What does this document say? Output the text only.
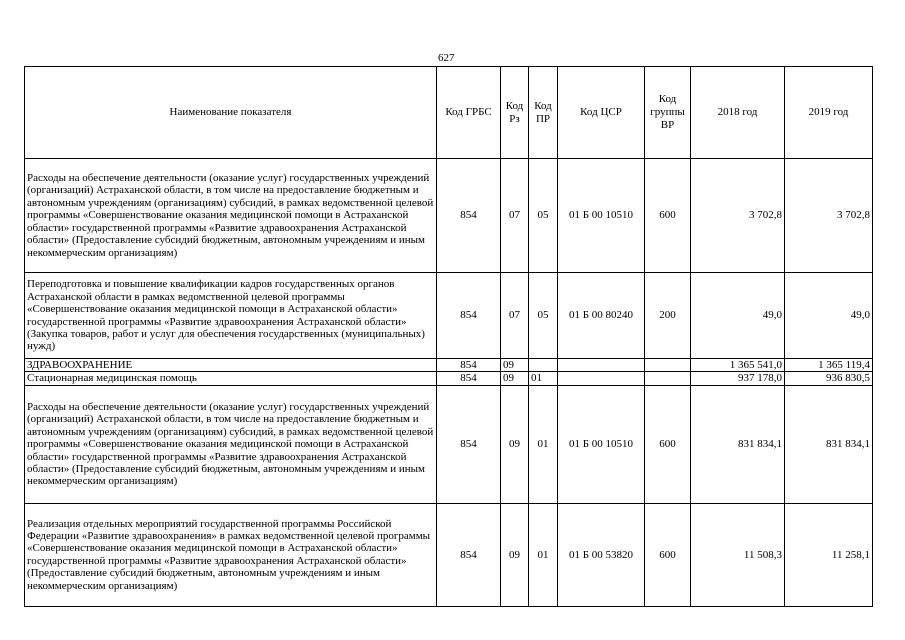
627
Наименование показателя	Код ГРБС	Код Рз	Код ПР	Код ЦСР	Код группы ВР	2018 год	2019 год
Расходы на обеспечение деятельности (оказание услуг) государственных учреждений (организаций) Астраханской области, в том числе на предоставление бюджетным и автономным учреждениям (организациям) субсидий, в рамках ведомственной целевой программы «Совершенствование оказания медицинской помощи в Астраханской области» государственной программы «Развитие здравоохранения Астраханской области» (Предоставление субсидий бюджетным, автономным учреждениям и иным некоммерческим организациям)	854	07	05	01 Б 00 10510	600	3 702,8	3 702,8
Переподготовка и повышение квалификации кадров государственных органов Астраханской области в рамках ведомственной целевой программы «Совершенствование оказания медицинской помощи в Астраханской области» государственной программы «Развитие здравоохранения Астраханской области» (Закупка товаров, работ и услуг для обеспечения государственных (муниципальных) нужд)	854	07	05	01 Б 00 80240	200	49,0	49,0
ЗДРАВООХРАНЕНИЕ	854	09				1 365 541,0	1 365 119,4
Стационарная медицинская помощь	854	09	01			937 178,0	936 830,5
Расходы на обеспечение деятельности (оказание услуг) государственных учреждений (организаций) Астраханской области, в том числе на предоставление бюджетным и автономным учреждениям (организациям) субсидий, в рамках ведомственной целевой программы «Совершенствование оказания медицинской помощи в Астраханской области» государственной программы «Развитие здравоохранения Астраханской области» (Предоставление субсидий бюджетным, автономным учреждениям и иным некоммерческим организациям)	854	09	01	01 Б 00 10510	600	831 834,1	831 834,1
Реализация отдельных мероприятий государственной программы Российской Федерации «Развитие здравоохранения» в рамках ведомственной целевой программы «Совершенствование оказания медицинской помощи в Астраханской области» государственной программы «Развитие здравоохранения Астраханской области» (Предоставление субсидий бюджетным, автономным учреждениям и иным некоммерческим организациям)	854	09	01	01 Б 00 53820	600	11 508,3	11 258,1
